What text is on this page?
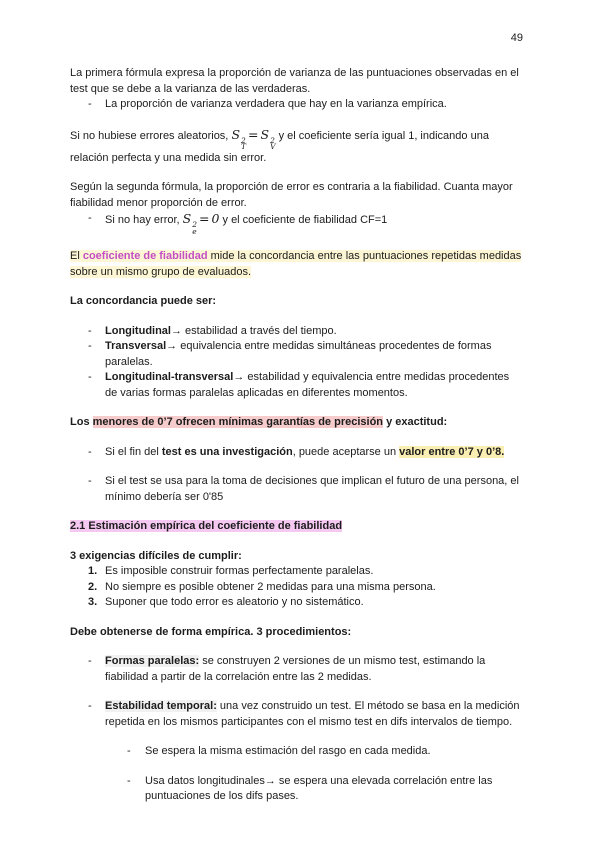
49

La primera fórmula expresa la proporción de varianza de las puntuaciones observadas en el
test que se debe a la varianza de las verdaderas.

-	La proporción de varianza verdadera que hay en la varianza empírica.

Si no hubiese errores aleatorios, S 2
T
= S 2
V
y el coeficiente sería igual 1, indicando una
relación perfecta y una medida sin error.

Según la segunda fórmula, la proporción de error es contraria a la fiabilidad. Cuanta mayor
fiabilidad menor proporción de error.

-	Si no hay error, S 2
e
= 0 y el coeficiente de fiabilidad CF=1

El coeficiente de fiabilidad mide la concordancia entre las puntuaciones repetidas medidas
sobre un mismo grupo de evaluados.

La concordancia puede ser:

-	Longitudinal→ estabilidad a través del tiempo.
-	Transversal→ equivalencia entre medidas simultáneas procedentes de formas
paralelas.
-	Longitudinal-transversal→ estabilidad y equivalencia entre medidas procedentes
de varias formas paralelas aplicadas en diferentes momentos.

Los menores de 0’7 ofrecen mínimas garantías de precisión y exactitud:

-	Si el fin del test es una investigación, puede aceptarse un valor entre 0’7 y 0’8.
-	Si el test se usa para la toma de decisiones que implican el futuro de una persona, el
mínimo debería ser 0'85

2.1 Estimación empírica del coeficiente de fiabilidad

3 exigencias difíciles de cumplir:

1. Es imposible construir formas perfectamente paralelas.
2. No siempre es posible obtener 2 medidas para una misma persona.
3. Suponer que todo error es aleatorio y no sistemático.

Debe obtenerse de forma empírica. 3 procedimientos:

-	Formas paralelas: se construyen 2 versiones de un mismo test, estimando la
fiabilidad a partir de la correlación entre las 2 medidas.
-	Estabilidad temporal: una vez construido un test. El método se basa en la medición
repetida en los mismos participantes con el mismo test en difs intervalos de tiempo.
-	Se espera la misma estimación del rasgo en cada medida.
-	Usa datos longitudinales→ se espera una elevada correlación entre las
puntuaciones de los difs pases.
